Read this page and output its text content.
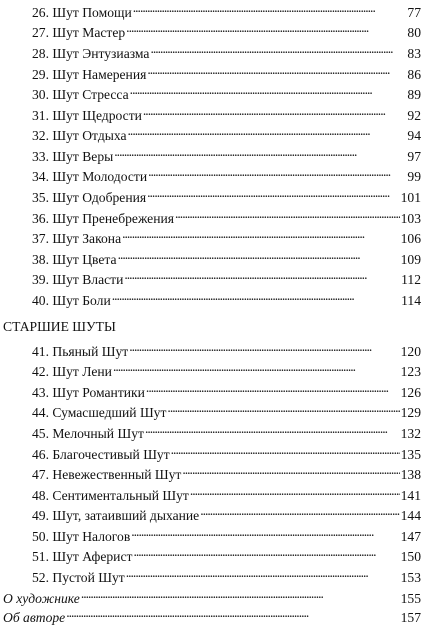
26. Шут Помощи . . .	77
27. Шут Мастер . . .	80
28. Шут Энтузиазма . . .	83
29. Шут Намерения . . .	86
30. Шут Стресса . . .	89
31. Шут Щедрости . . .	92
32. Шут Отдыха . . .	94
33. Шут Веры . . .	97
34. Шут Молодости . . .	99
35. Шут Одобрения . . .	101
36. Шут Пренебрежения . . .	103
37. Шут Закона . . .	106
38. Шут Цвета . . .	109
39. Шут Власти . . .	112
40. Шут Боли . . .	114
СТАРШИЕ ШУТЫ
41. Пьяный Шут . . .	120
42. Шут Лени . . .	123
43. Шут Романтики . . .	126
44. Сумасшедший Шут . . .	129
45. Мелочный Шут . . .	132
46. Благочестивый Шут . . .	135
47. Невежественный Шут . . .	138
48. Сентиментальный Шут . . .	141
49. Шут, затаивший дыхание . . .	144
50. Шут Налогов . . .	147
51. Шут Аферист . . .	150
52. Пустой Шут . . .	153
О художнике . . .	155
Об авторе . . .	157
